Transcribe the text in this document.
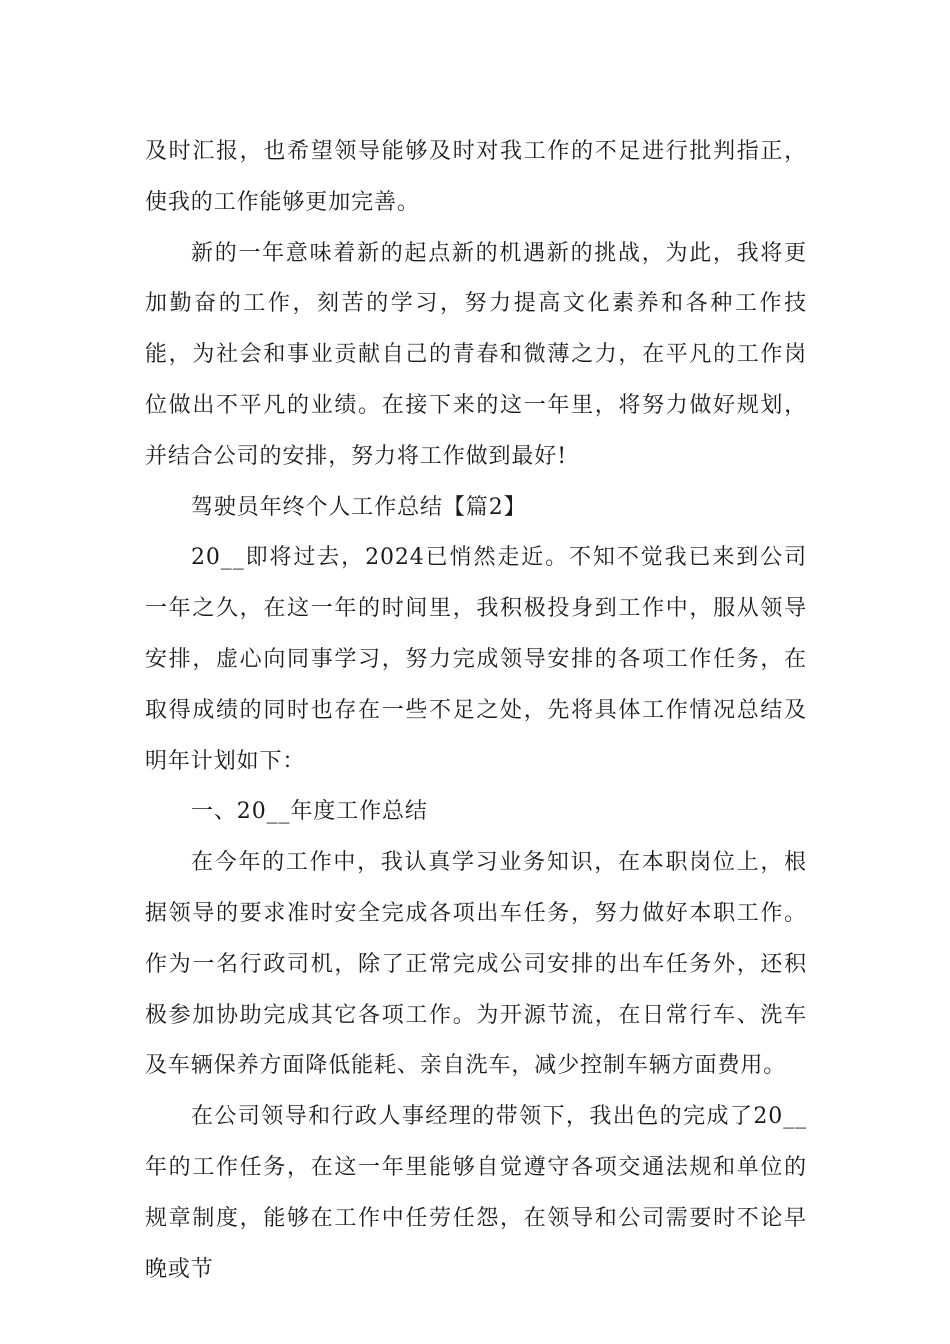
及时汇报，也希望领导能够及时对我工作的不足进行批判指正，使我的工作能够更加完善。

新的一年意味着新的起点新的机遇新的挑战，为此，我将更加勤奋的工作，刻苦的学习，努力提高文化素养和各种工作技能，为社会和事业贡献自己的青春和微薄之力，在平凡的工作岗位做出不平凡的业绩。在接下来的这一年里，将努力做好规划，并结合公司的安排，努力将工作做到最好!

驾驶员年终个人工作总结【篇2】

20__即将过去，2024已悄然走近。不知不觉我已来到公司一年之久，在这一年的时间里，我积极投身到工作中，服从领导安排，虚心向同事学习，努力完成领导安排的各项工作任务，在取得成绩的同时也存在一些不足之处，先将具体工作情况总结及明年计划如下：

一、20__年度工作总结

在今年的工作中，我认真学习业务知识，在本职岗位上，根据领导的要求准时安全完成各项出车任务，努力做好本职工作。作为一名行政司机，除了正常完成公司安排的出车任务外，还积极参加协助完成其它各项工作。为开源节流，在日常行车、洗车及车辆保养方面降低能耗、亲自洗车，减少控制车辆方面费用。

在公司领导和行政人事经理的带领下，我出色的完成了20__年的工作任务，在这一年里能够自觉遵守各项交通法规和单位的规章制度，能够在工作中任劳任怨，在领导和公司需要时不论早晚或节
